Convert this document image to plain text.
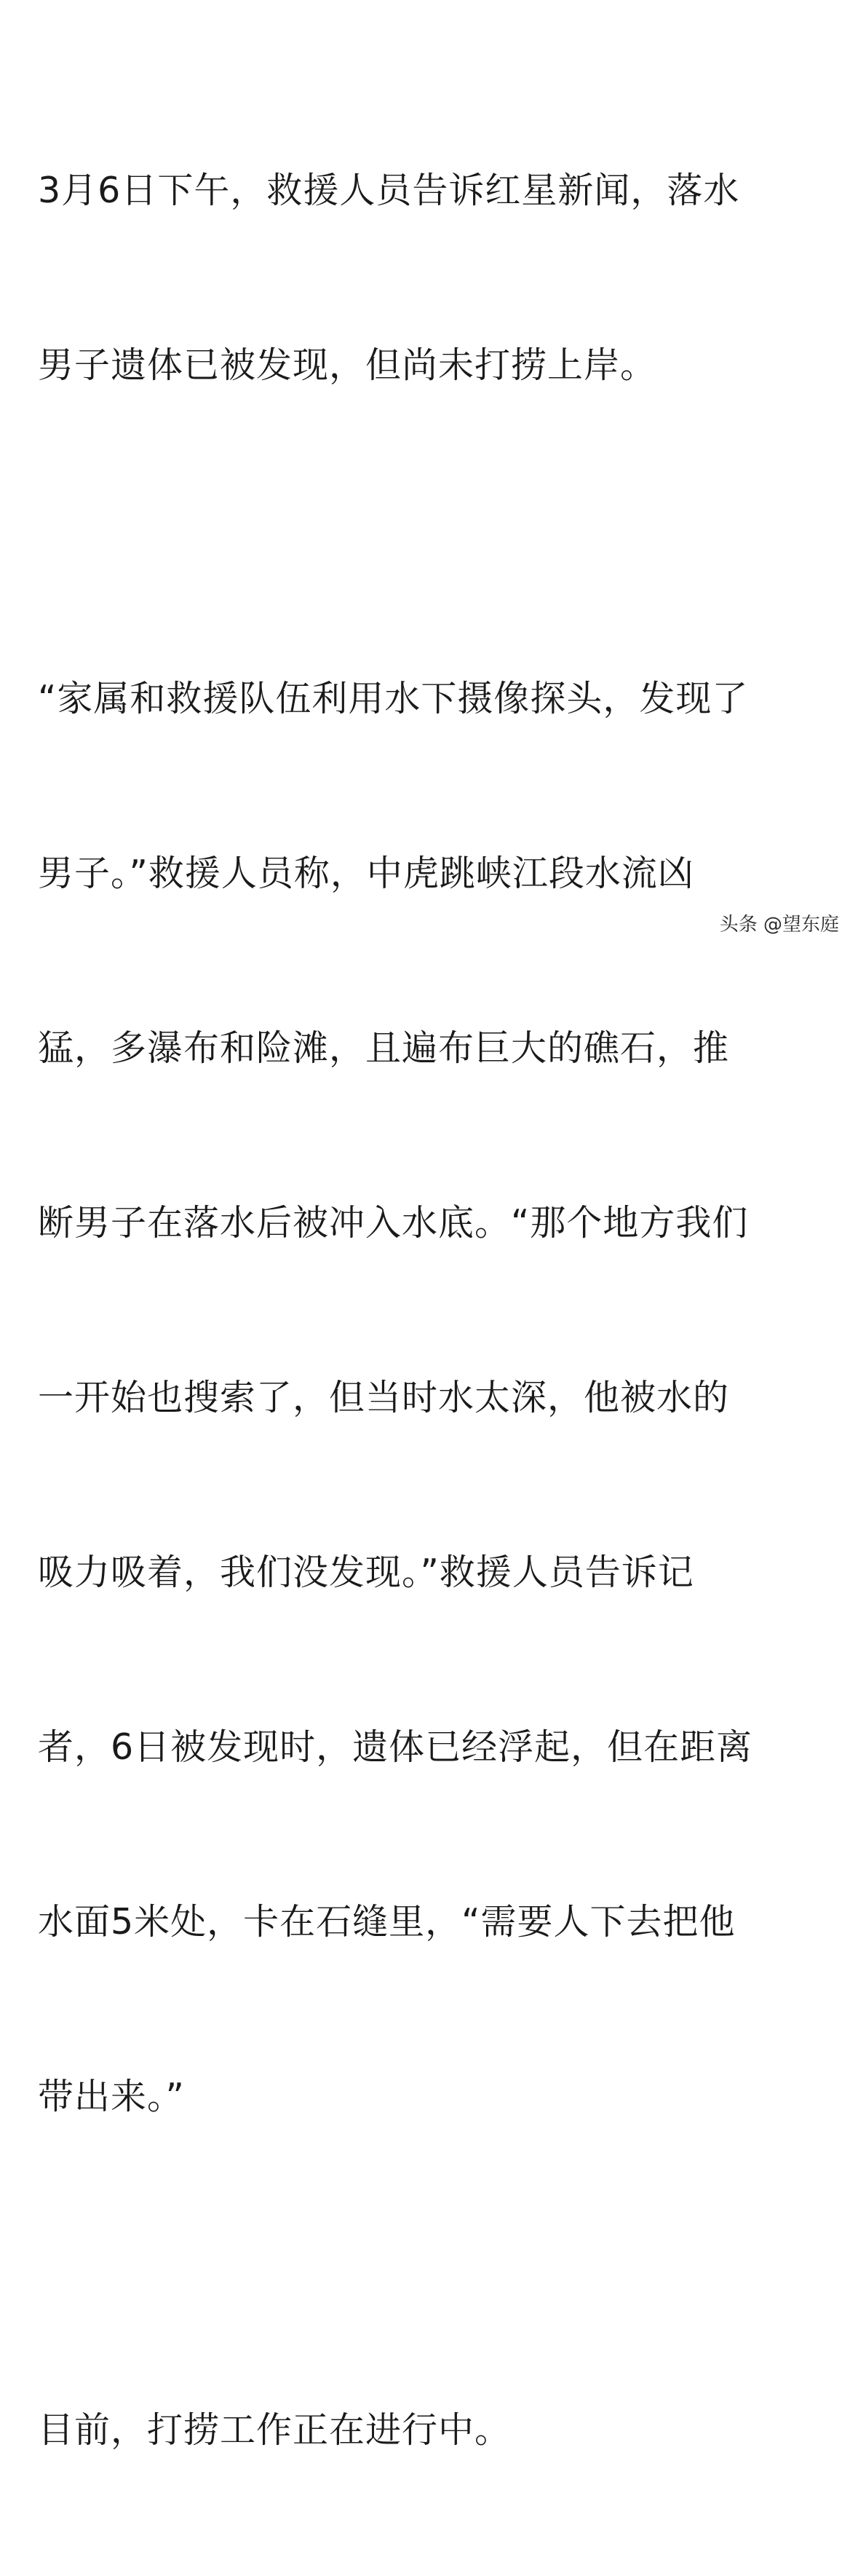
3月6日下午，救援人员告诉红星新闻，落水

男子遗体已被发现，但尚未打捞上岸。

“家属和救援队伍利用水下摄像探头，发现了

男子。”救援人员称，中虎跳峡江段水流凶

猛，多瀑布和险滩，且遍布巨大的礁石，推

断男子在落水后被冲入水底。“那个地方我们

一开始也搜索了，但当时水太深，他被水的

吸力吸着，我们没发现。”救援人员告诉记

者，6日被发现时，遗体已经浮起，但在距离

水面5米处，卡在石缝里，“需要人下去把他

带出来。”

目前，打捞工作正在进行中。

头条 @望东庭
